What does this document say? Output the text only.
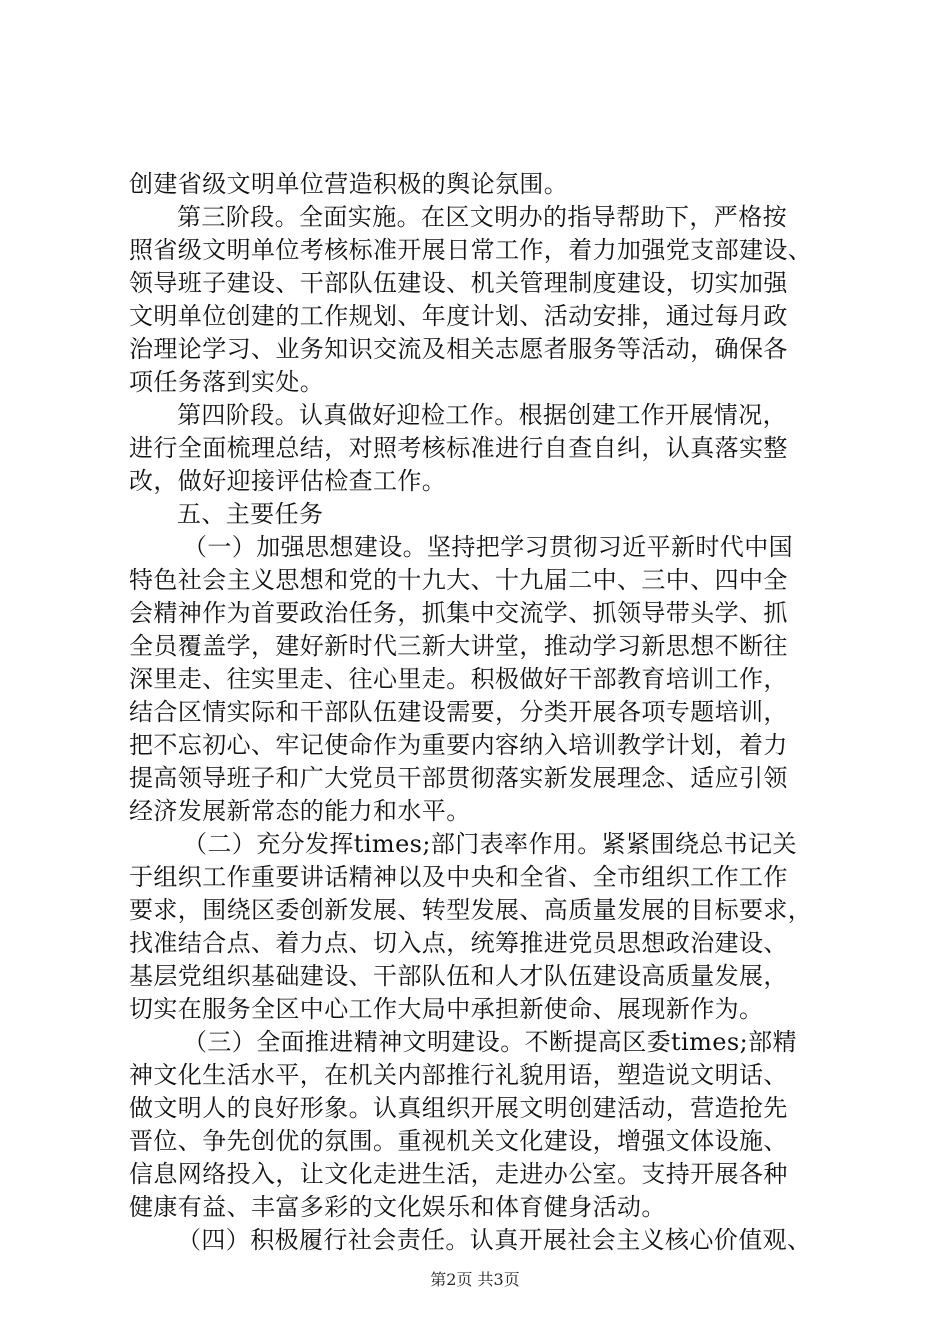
创建省级文明单位营造积极的舆论氛围。
第三阶段。全面实施。在区文明办的指导帮助下，严格按
照省级文明单位考核标准开展日常工作，着力加强党支部建设、
领导班子建设、干部队伍建设、机关管理制度建设，切实加强
文明单位创建的工作规划、年度计划、活动安排，通过每月政
治理论学习、业务知识交流及相关志愿者服务等活动，确保各
项任务落到实处。
第四阶段。认真做好迎检工作。根据创建工作开展情况，
进行全面梳理总结，对照考核标准进行自查自纠，认真落实整
改，做好迎接评估检查工作。
五、主要任务
（一）加强思想建设。坚持把学习贯彻习近平新时代中国
特色社会主义思想和党的十九大、十九届二中、三中、四中全
会精神作为首要政治任务，抓集中交流学、抓领导带头学、抓
全员覆盖学，建好新时代三新大讲堂，推动学习新思想不断往
深里走、往实里走、往心里走。积极做好干部教育培训工作，
结合区情实际和干部队伍建设需要，分类开展各项专题培训，
把不忘初心、牢记使命作为重要内容纳入培训教学计划，着力
提高领导班子和广大党员干部贯彻落实新发展理念、适应引领
经济发展新常态的能力和水平。
（二）充分发挥times;部门表率作用。紧紧围绕总书记关
于组织工作重要讲话精神以及中央和全省、全市组织工作工作
要求，围绕区委创新发展、转型发展、高质量发展的目标要求，
找准结合点、着力点、切入点，统筹推进党员思想政治建设、
基层党组织基础建设、干部队伍和人才队伍建设高质量发展，
切实在服务全区中心工作大局中承担新使命、展现新作为。
（三）全面推进精神文明建设。不断提高区委times;部精
神文化生活水平，在机关内部推行礼貌用语，塑造说文明话、
做文明人的良好形象。认真组织开展文明创建活动，营造抢先
晋位、争先创优的氛围。重视机关文化建设，增强文体设施、
信息网络投入，让文化走进生活，走进办公室。支持开展各种
健康有益、丰富多彩的文化娱乐和体育健身活动。
（四）积极履行社会责任。认真开展社会主义核心价值观、
第2页 共3页
